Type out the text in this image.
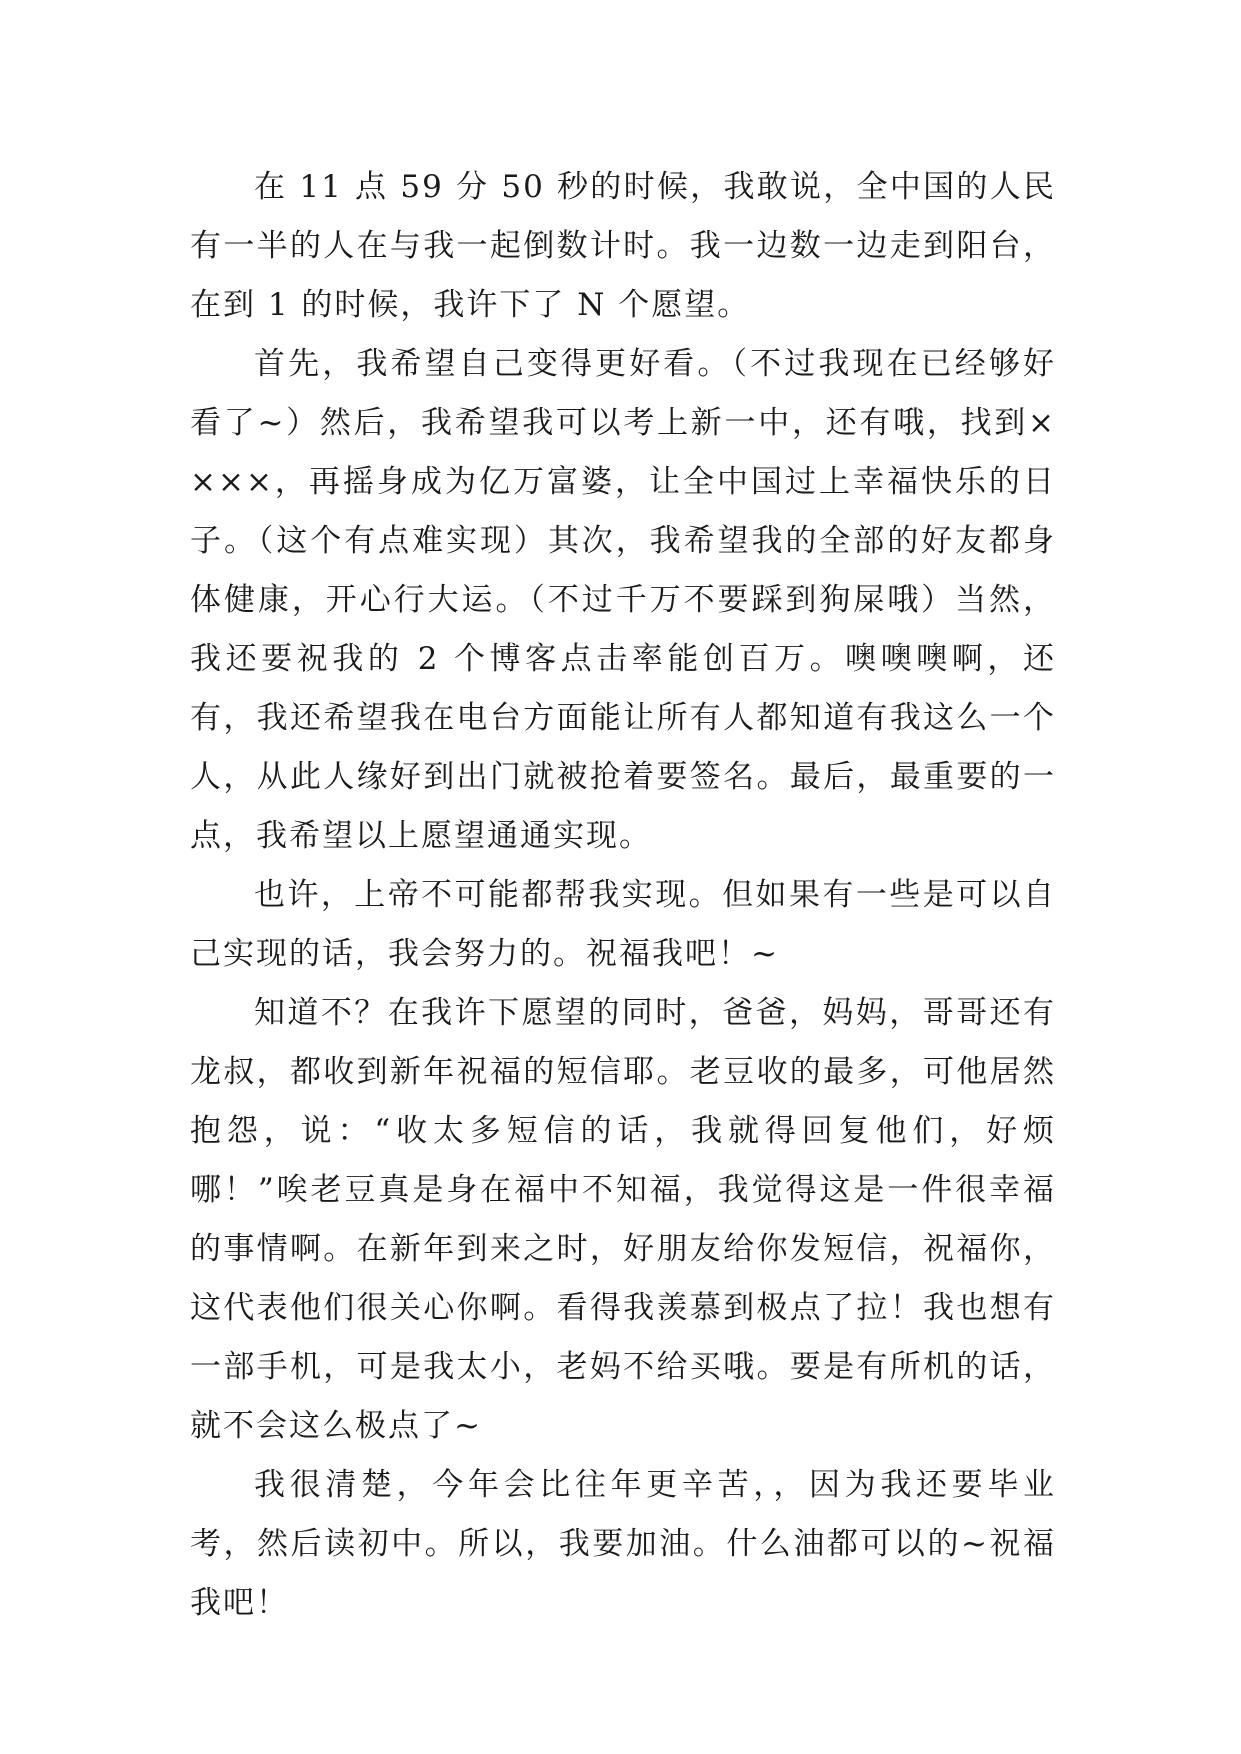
在 11 点 59 分 50 秒的时候，我敢说，全中国的人民有一半的人在与我一起倒数计时。我一边数一边走到阳台，在到 1 的时候，我许下了 N 个愿望。

首先，我希望自己变得更好看。（不过我现在已经够好看了~）然后，我希望我可以考上新一中，还有哦，找到××××，再摇身成为亿万富婆，让全中国过上幸福快乐的日子。（这个有点难实现）其次，我希望我的全部的好友都身体健康，开心行大运。（不过千万不要踩到狗屎哦）当然，我还要祝我的 2 个博客点击率能创百万。噢噢噢啊，还有，我还希望我在电台方面能让所有人都知道有我这么一个人，从此人缘好到出门就被抢着要签名。最后，最重要的一点，我希望以上愿望通通实现。

也许，上帝不可能都帮我实现。但如果有一些是可以自己实现的话，我会努力的。祝福我吧！~

知道不？在我许下愿望的同时，爸爸，妈妈，哥哥还有龙叔，都收到新年祝福的短信耶。老豆收的最多，可他居然抱怨，说：“收太多短信的话，我就得回复他们，好烦哪！”唉老豆真是身在福中不知福，我觉得这是一件很幸福的事情啊。在新年到来之时，好朋友给你发短信，祝福你，这代表他们很关心你啊。看得我羡慕到极点了拉！我也想有一部手机，可是我太小，老妈不给买哦。要是有所机的话，就不会这么极点了~

我很清楚，今年会比往年更辛苦，，因为我还要毕业考，然后读初中。所以，我要加油。什么油都可以的~祝福我吧！
